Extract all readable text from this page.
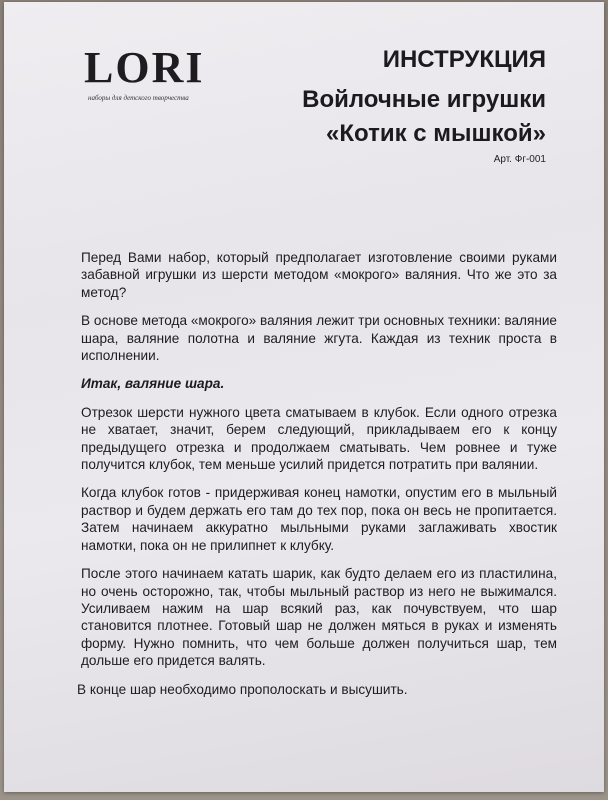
LORI
наборы для детского творчества
ИНСТРУКЦИЯ
Войлочные игрушки
«Котик с мышкой»
Арт. Фг-001

Перед Вами набор, который предполагает изготовление своими руками забавной игрушки из шерсти методом «мокрого» валяния. Что же это за метод?

В основе метода «мокрого» валяния лежит три основных техники: валяние шара, валяние полотна и валяние жгута. Каждая из техник проста в исполнении.

Итак, валяние шара.

Отрезок шерсти нужного цвета сматываем в клубок. Если одного отрезка не хватает, значит, берем следующий, прикладываем его к концу предыдущего отрезка и продолжаем сматывать. Чем ровнее и туже получится клубок, тем меньше усилий придется потратить при валянии.

Когда клубок готов - придерживая конец намотки, опустим его в мыльный раствор и будем держать его там до тех пор, пока он весь не пропитается. Затем начинаем аккуратно мыльными руками заглаживать хвостик намотки, пока он не прилипнет к клубку.

После этого начинаем катать шарик, как будто делаем его из пластилина, но очень осторожно, так, чтобы мыльный раствор из него не выжимался. Усиливаем нажим на шар всякий раз, как почувствуем, что шар становится плотнее. Готовый шар не должен мяться в руках и изменять форму. Нужно помнить, что чем больше должен получиться шар, тем дольше его придется валять.

В конце шар необходимо прополоскать и высушить.
